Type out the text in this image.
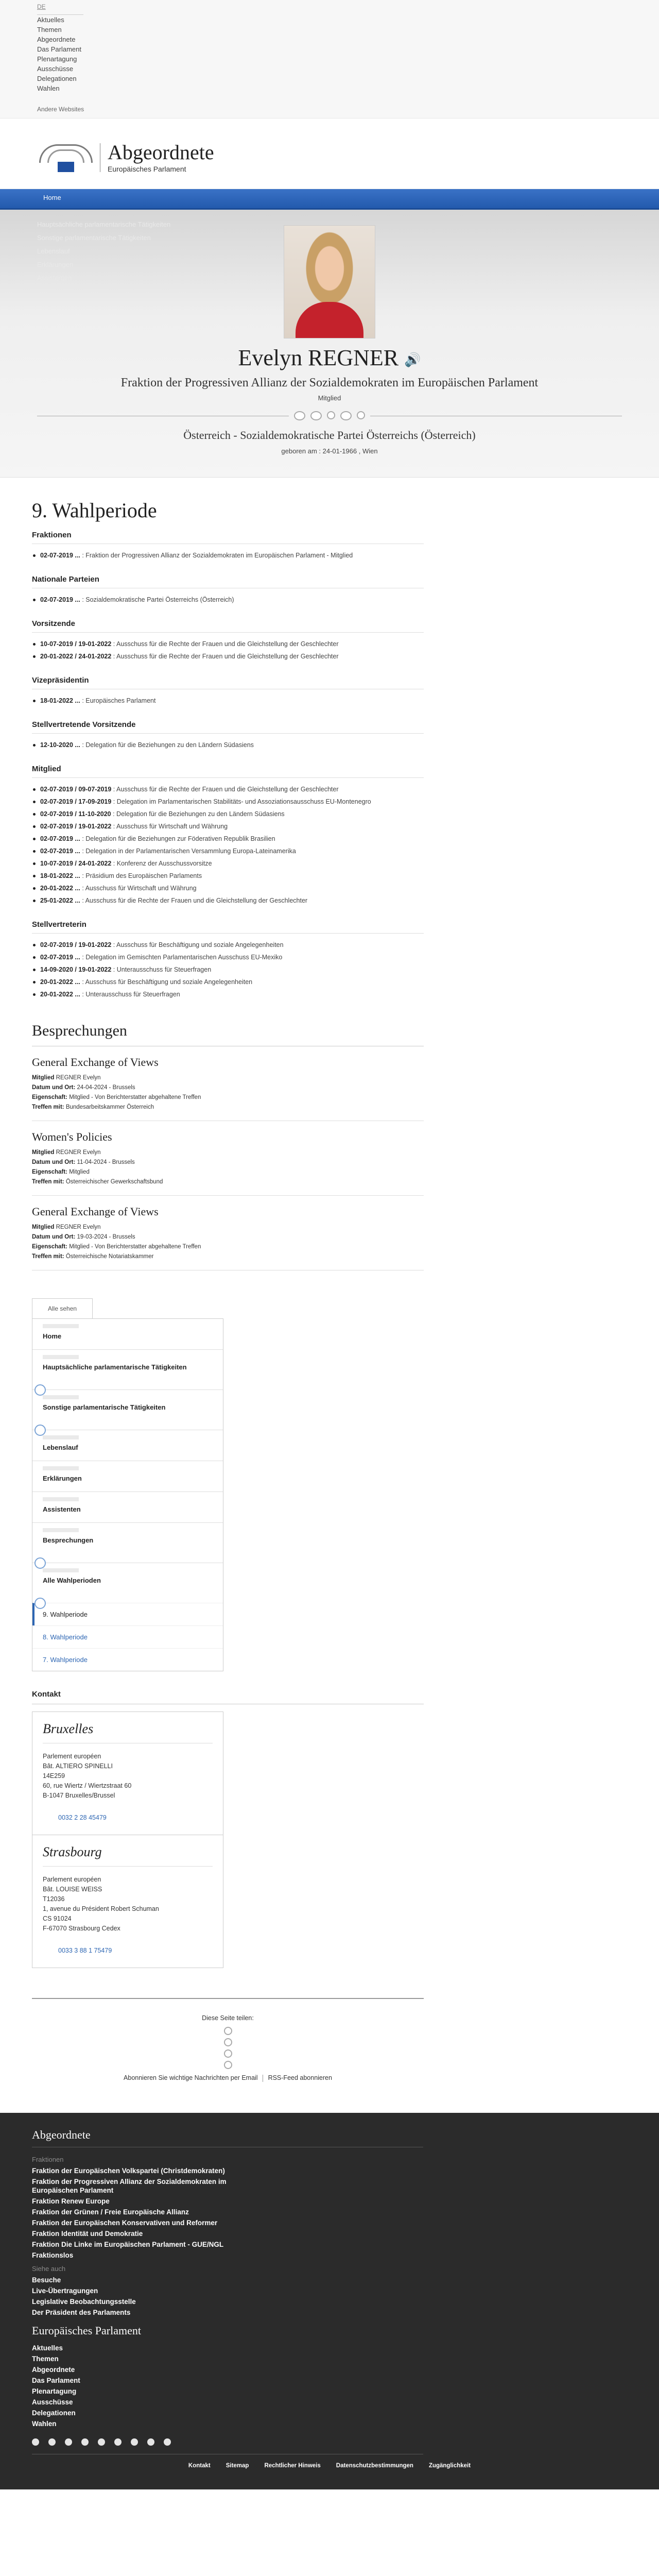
DE
Aktuelles
Themen
Abgeordnete
Das Parlament
Plenartagung
Ausschüsse
Delegationen
Wahlen
Andere Websites
Abgeordnete
Europäisches Parlament
Home
Hauptsächliche parlamentarische Tätigkeiten
Sonstige parlamentarische Tätigkeiten
Lebenslauf
Erklärungen
Assistenten
Evelyn REGNER 🔊
Fraktion der Progressiven Allianz der Sozialdemokraten im Europäischen Parlament
Mitglied
Österreich - Sozialdemokratische Partei Österreichs (Österreich)
geboren am : 24-01-1966 , Wien
9. Wahlperiode
Fraktionen
02-07-2019 ... : Fraktion der Progressiven Allianz der Sozialdemokraten im Europäischen Parlament - Mitglied
Nationale Parteien
02-07-2019 ... : Sozialdemokratische Partei Österreichs (Österreich)
Vorsitzende
10-07-2019 / 19-01-2022 : Ausschuss für die Rechte der Frauen und die Gleichstellung der Geschlechter
20-01-2022 / 24-01-2022 : Ausschuss für die Rechte der Frauen und die Gleichstellung der Geschlechter
Vizepräsidentin
18-01-2022 ... : Europäisches Parlament
Stellvertretende Vorsitzende
12-10-2020 ... : Delegation für die Beziehungen zu den Ländern Südasiens
Mitglied
02-07-2019 / 09-07-2019 : Ausschuss für die Rechte der Frauen und die Gleichstellung der Geschlechter
02-07-2019 / 17-09-2019 : Delegation im Parlamentarischen Stabilitäts- und Assoziationsausschuss EU-Montenegro
02-07-2019 / 11-10-2020 : Delegation für die Beziehungen zu den Ländern Südasiens
02-07-2019 / 19-01-2022 : Ausschuss für Wirtschaft und Währung
02-07-2019 ... : Delegation für die Beziehungen zur Föderativen Republik Brasilien
02-07-2019 ... : Delegation in der Parlamentarischen Versammlung Europa-Lateinamerika
10-07-2019 / 24-01-2022 : Konferenz der Ausschussvorsitze
18-01-2022 ... : Präsidium des Europäischen Parlaments
20-01-2022 ... : Ausschuss für Wirtschaft und Währung
25-01-2022 ... : Ausschuss für die Rechte der Frauen und die Gleichstellung der Geschlechter
Stellvertreterin
02-07-2019 / 19-01-2022 : Ausschuss für Beschäftigung und soziale Angelegenheiten
02-07-2019 ... : Delegation im Gemischten Parlamentarischen Ausschuss EU-Mexiko
14-09-2020 / 19-01-2022 : Unterausschuss für Steuerfragen
20-01-2022 ... : Ausschuss für Beschäftigung und soziale Angelegenheiten
20-01-2022 ... : Unterausschuss für Steuerfragen
Besprechungen
General Exchange of Views
Mitglied REGNER Evelyn
Datum und Ort: 24-04-2024 - Brussels
Eigenschaft: Mitglied - Von Berichterstatter abgehaltene Treffen
Treffen mit: Bundesarbeitskammer Österreich
Women's Policies
Mitglied REGNER Evelyn
Datum und Ort: 11-04-2024 - Brussels
Eigenschaft: Mitglied
Treffen mit: Österreichischer Gewerkschaftsbund
General Exchange of Views
Mitglied REGNER Evelyn
Datum und Ort: 19-03-2024 - Brussels
Eigenschaft: Mitglied - Von Berichterstatter abgehaltene Treffen
Treffen mit: Österreichische Notariatskammer
Alle sehen
Home
Hauptsächliche parlamentarische Tätigkeiten
Sonstige parlamentarische Tätigkeiten
Lebenslauf
Erklärungen
Assistenten
Besprechungen
Alle Wahlperioden
9. Wahlperiode
8. Wahlperiode
7. Wahlperiode
Kontakt
Bruxelles
Parlement européen
Bât. ALTIERO SPINELLI
14E259
60, rue Wiertz / Wiertzstraat 60
B-1047 Bruxelles/Brussel
0032 2 28 45479
Strasbourg
Parlement européen
Bât. LOUISE WEISS
T12036
1, avenue du Président Robert Schuman
CS 91024
F-67070 Strasbourg Cedex
0033 3 88 1 75479
Diese Seite teilen:
Abonnieren Sie wichtige Nachrichten per Email RSS-Feed abonnieren
Abgeordnete
Fraktionen
Fraktion der Europäischen Volkspartei (Christdemokraten)
Fraktion der Progressiven Allianz der Sozialdemokraten im Europäischen Parlament
Fraktion Renew Europe
Fraktion der Grünen / Freie Europäische Allianz
Fraktion der Europäischen Konservativen und Reformer
Fraktion Identität und Demokratie
Fraktion Die Linke im Europäischen Parlament - GUE/NGL
Fraktionslos
Siehe auch
Besuche
Live-Übertragungen
Legislative Beobachtungsstelle
Der Präsident des Parlaments
Europäisches Parlament
Aktuelles
Themen
Abgeordnete
Das Parlament
Plenartagung
Ausschüsse
Delegationen
Wahlen
Kontakt	Sitemap	Rechtlicher Hinweis	Datenschutzbestimmungen	Zugänglichkeit
